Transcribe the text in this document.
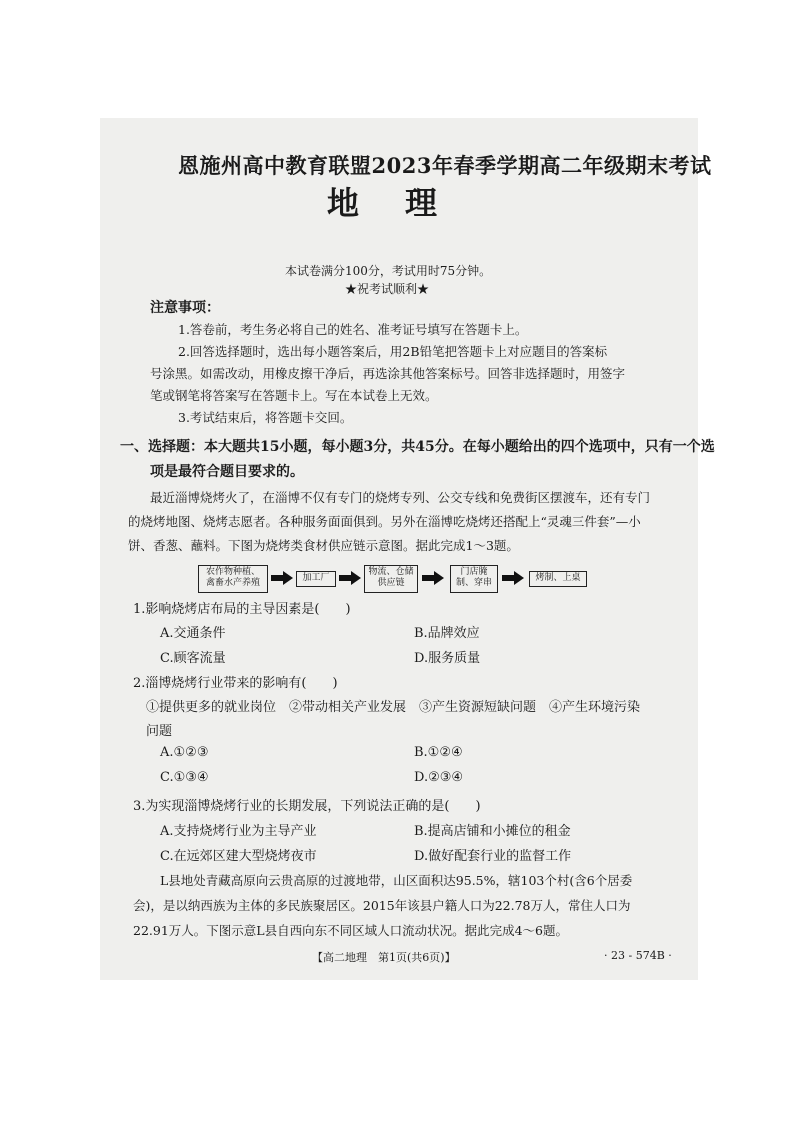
恩施州高中教育联盟2023年春季学期高二年级期末考试
地理
本试卷满分100分，考试用时75分钟。
★祝考试顺利★
注意事项：
1.答卷前，考生务必将自己的姓名、准考证号填写在答题卡上。
2.回答选择题时，选出每小题答案后，用2B铅笔把答题卡上对应题目的答案标
号涂黑。如需改动，用橡皮擦干净后，再选涂其他答案标号。回答非选择题时，用签字
笔或钢笔将答案写在答题卡上。写在本试卷上无效。
3.考试结束后，将答题卡交回。
一、选择题：本大题共15小题，每小题3分，共45分。在每小题给出的四个选项中，只有一个选
项是最符合题目要求的。
最近淄博烧烤火了，在淄博不仅有专门的烧烤专列、公交专线和免费街区摆渡车，还有专门
的烧烤地图、烧烤志愿者。各种服务面面俱到。另外在淄博吃烧烤还搭配上“灵魂三件套”—小
饼、香葱、蘸料。下图为烧烤类食材供应链示意图。据此完成1～3题。
农作物种植、
禽畜水产养殖	加工厂
物流、仓储
供应链
门店腌
制、穿串	烤制、上桌
1.影响烧烤店布局的主导因素是(　　)
A.交通条件	B.品牌效应
C.顾客流量	D.服务质量
2.淄博烧烤行业带来的影响有(　　)
①提供更多的就业岗位　②带动相关产业发展　③产生资源短缺问题　④产生环境污染
问题
A.①②③	B.①②④
C.①③④	D.②③④
3.为实现淄博烧烤行业的长期发展，下列说法正确的是(　　)
A.支持烧烤行业为主导产业	B.提高店铺和小摊位的租金
C.在远郊区建大型烧烤夜市	D.做好配套行业的监督工作
L县地处青藏高原向云贵高原的过渡地带，山区面积达95.5%，辖103个村(含6个居委
会)，是以纳西族为主体的多民族聚居区。2015年该县户籍人口为22.78万人，常住人口为
22.91万人。下图示意L县自西向东不同区域人口流动状况。据此完成4～6题。
【高二地理　第1页(共6页)】	· 23 - 574B ·
